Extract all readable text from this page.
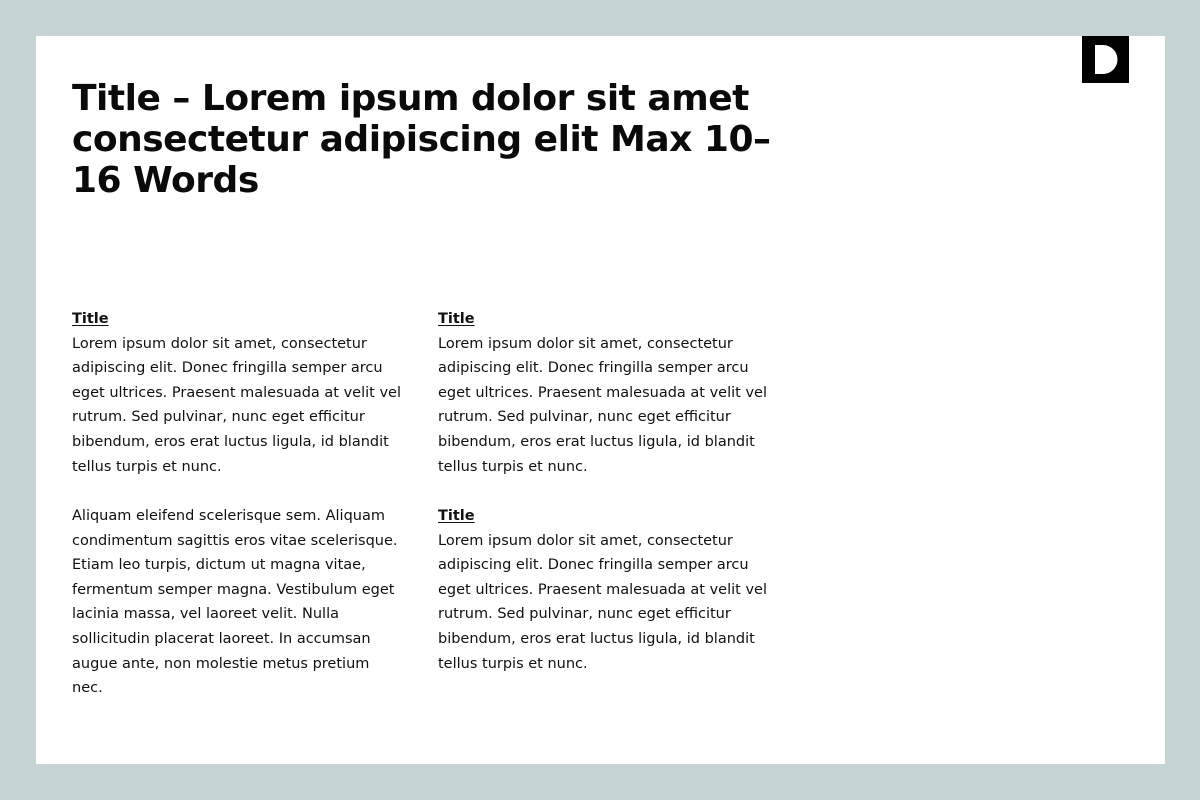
Title – Lorem ipsum dolor sit amet consectetur adipiscing elit Max 10–16 Words
Title

Lorem ipsum dolor sit amet, consectetur adipiscing elit. Donec fringilla semper arcu eget ultrices. Praesent malesuada at velit vel rutrum. Sed pulvinar, nunc eget efficitur bibendum, eros erat luctus ligula, id blandit tellus turpis et nunc.

Aliquam eleifend scelerisque sem. Aliquam condimentum sagittis eros vitae scelerisque. Etiam leo turpis, dictum ut magna vitae, fermentum semper magna. Vestibulum eget lacinia massa, vel laoreet velit. Nulla sollicitudin placerat laoreet. In accumsan augue ante, non molestie metus pretium nec.

Title

Lorem ipsum dolor sit amet, consectetur adipiscing elit. Donec fringilla semper arcu eget ultrices. Praesent malesuada at velit vel rutrum. Sed pulvinar, nunc eget efficitur bibendum, eros erat luctus ligula, id blandit tellus turpis et nunc.

Title

Lorem ipsum dolor sit amet, consectetur adipiscing elit. Donec fringilla semper arcu eget ultrices. Praesent malesuada at velit vel rutrum. Sed pulvinar, nunc eget efficitur bibendum, eros erat luctus ligula, id blandit tellus turpis et nunc.
